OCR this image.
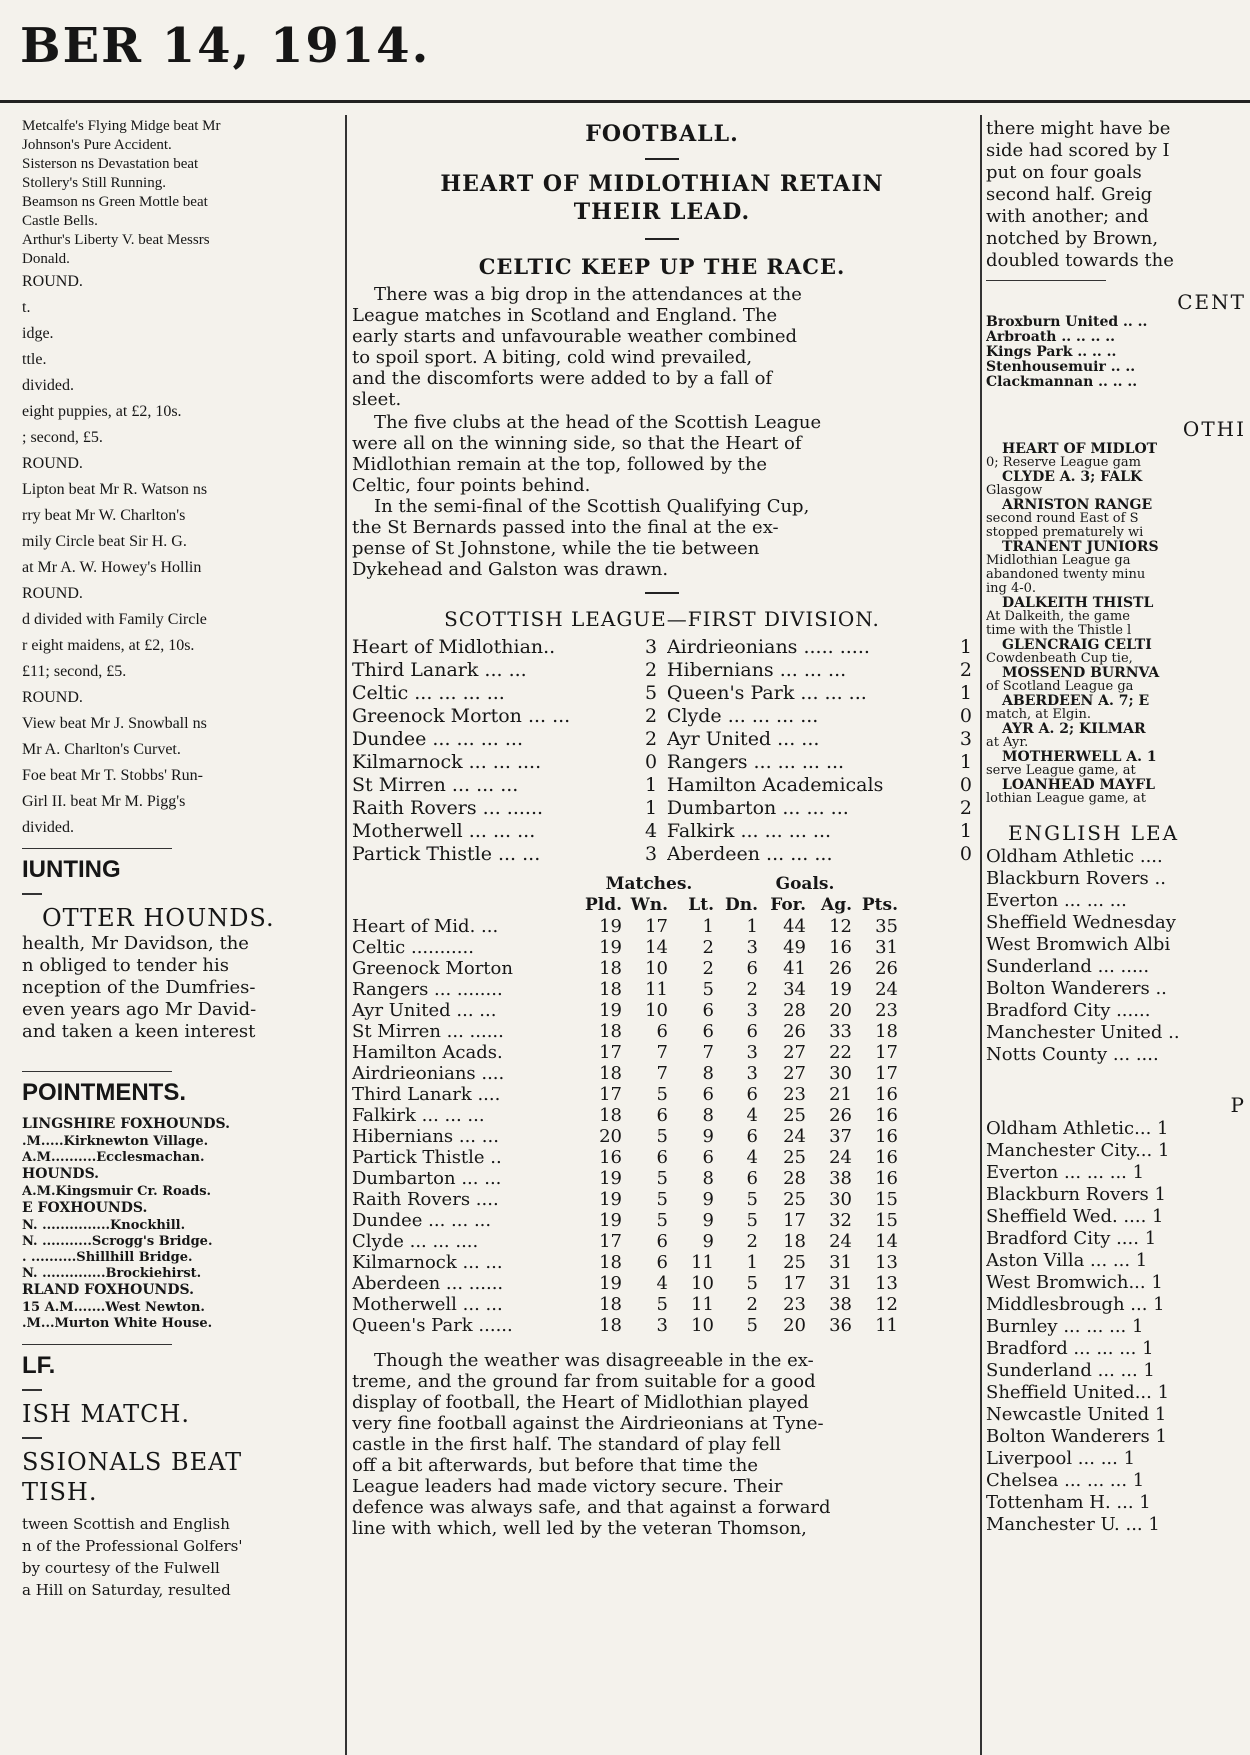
BER 14, 1914.
Metcalfe's Flying Midge beat Mr
Johnson's Pure Accident.
Sisterson ns Devastation beat
Stollery's Still Running.
Beamson ns Green Mottle beat
Castle Bells.
Arthur's Liberty V. beat Messrs
Donald.
ROUND.
t.
idge.
ttle.
divided.
eight puppies, at £2, 10s.
; second, £5.
ROUND.
Lipton beat Mr R. Watson ns
rry beat Mr W. Charlton's
mily Circle beat Sir H. G.
at Mr A. W. Howey's Hollin
ROUND.
d divided with Family Circle
r eight maidens, at £2, 10s.
£11; second, £5.
ROUND.
View beat Mr J. Snowball ns
Mr A. Charlton's Curvet.
Foe beat Mr T. Stobbs' Run-
Girl II. beat Mr M. Pigg's
divided.
IUNTING
OTTER HOUNDS.
health, Mr Davidson, the
n obliged to tender his
nception of the Dumfries-
even years ago Mr David-
and taken a keen interest
POINTMENTS.
LINGSHIRE FOXHOUNDS.
.M.....Kirknewton Village.
A.M..........Ecclesmachan.
HOUNDS.
A.M.Kingsmuir Cr. Roads.
E FOXHOUNDS.
N. ...............Knockhill.
N. ...........Scrogg's Bridge.
. ..........Shillhill Bridge.
N. ..............Brockiehirst.
RLAND FOXHOUNDS.
15 A.M.......West Newton.
.M...Murton White House.
LF.
ISH MATCH.
SSIONALS BEAT
TISH.
tween Scottish and English
n of the Professional Golfers'
by courtesy of the Fulwell
a Hill on Saturday, resulted
FOOTBALL.
HEART OF MIDLOTHIAN RETAIN
THEIR LEAD.
CELTIC KEEP UP THE RACE.
There was a big drop in the attendances at the
League matches in Scotland and England. The
early starts and unfavourable weather combined
to spoil sport. A biting, cold wind prevailed,
and the discomforts were added to by a fall of
sleet.
The five clubs at the head of the Scottish League
were all on the winning side, so that the Heart of
Midlothian remain at the top, followed by the
Celtic, four points behind.
In the semi-final of the Scottish Qualifying Cup,
the St Bernards passed into the final at the ex-
pense of St Johnstone, while the tie between
Dykehead and Galston was drawn.
SCOTTISH LEAGUE—FIRST DIVISION.
Heart of Midlothian..	3 Airdrieonians ..... .....	1
Third Lanark ... ...	2 Hibernians ... ... ...	2
Celtic ... ... ... ...	5 Queen's Park ... ... ...	1
Greenock Morton ... ...	2 Clyde ... ... ... ...	0
Dundee ... ... ... ...	2 Ayr United ... ...	3
Kilmarnock ... ... ....	0 Rangers ... ... ... ...	1
St Mirren ... ... ...	1 Hamilton Academicals	0
Raith Rovers ... ......	1 Dumbarton ... ... ...	2
Motherwell ... ... ...	4 Falkirk ... ... ... ...	1
Partick Thistle ... ...	3 Aberdeen ... ... ...	0
	Matches.				Goals.		
	Pld.	Wn.	Lt.	Dn.	For.	Ag.	Pts.
Heart of Mid. ...	19	17	1	1	44	12	35
Celtic ...........	19	14	2	3	49	16	31
Greenock Morton	18	10	2	6	41	26	26
Rangers ... ........	18	11	5	2	34	19	24
Ayr United ... ...	19	10	6	3	28	20	23
St Mirren ... ......	18	6	6	6	26	33	18
Hamilton Acads.	17	7	7	3	27	22	17
Airdrieonians ....	18	7	8	3	27	30	17
Third Lanark ....	17	5	6	6	23	21	16
Falkirk ... ... ...	18	6	8	4	25	26	16
Hibernians ... ...	20	5	9	6	24	37	16
Partick Thistle ..	16	6	6	4	25	24	16
Dumbarton ... ...	19	5	8	6	28	38	16
Raith Rovers ....	19	5	9	5	25	30	15
Dundee ... ... ...	19	5	9	5	17	32	15
Clyde ... ... ....	17	6	9	2	18	24	14
Kilmarnock ... ...	18	6	11	1	25	31	13
Aberdeen ... ......	19	4	10	5	17	31	13
Motherwell ... ...	18	5	11	2	23	38	12
Queen's Park ......	18	3	10	5	20	36	11
Though the weather was disagreeable in the ex-
treme, and the ground far from suitable for a good
display of football, the Heart of Midlothian played
very fine football against the Airdrieonians at Tyne-
castle in the first half. The standard of play fell
off a bit afterwards, but before that time the
League leaders had made victory secure. Their
defence was always safe, and that against a forward
line with which, well led by the veteran Thomson,
there might have be
side had scored by I
put on four goals
second half. Greig
with another; and
notched by Brown,
doubled towards the
CENT
Broxburn United .. ..
Arbroath .. .. .. ..
Kings Park .. .. ..
Stenhousemuir .. ..
Clackmannan .. .. ..
OTHI
HEART OF MIDLOT
0; Reserve League gam
CLYDE A. 3; FALK
Glasgow
ARNISTON RANGE
second round East of S
stopped prematurely wi
TRANENT JUNIORS
Midlothian League ga
abandoned twenty minu
ing 4-0.
DALKEITH THISTL
At Dalkeith, the game
time with the Thistle l
GLENCRAIG CELTI
Cowdenbeath Cup tie,
MOSSEND BURNVA
of Scotland League ga
ABERDEEN A. 7; E
match, at Elgin.
AYR A. 2; KILMAR
at Ayr.
MOTHERWELL A. 1
serve League game, at
LOANHEAD MAYFL
lothian League game, at
ENGLISH LEA
Oldham Athletic ....
Blackburn Rovers ..
Everton ... ... ...
Sheffield Wednesday
West Bromwich Albi
Sunderland ... .....
Bolton Wanderers ..
Bradford City ......
Manchester United ..
Notts County ... ....
P
Oldham Athletic... 1
Manchester City... 1
Everton ... ... ... 1
Blackburn Rovers 1
Sheffield Wed. .... 1
Bradford City .... 1
Aston Villa ... ... 1
West Bromwich... 1
Middlesbrough ... 1
Burnley ... ... ... 1
Bradford ... ... ... 1
Sunderland ... ... 1
Sheffield United... 1
Newcastle United 1
Bolton Wanderers 1
Liverpool ... ... 1
Chelsea ... ... ... 1
Tottenham H. ... 1
Manchester U. ... 1
